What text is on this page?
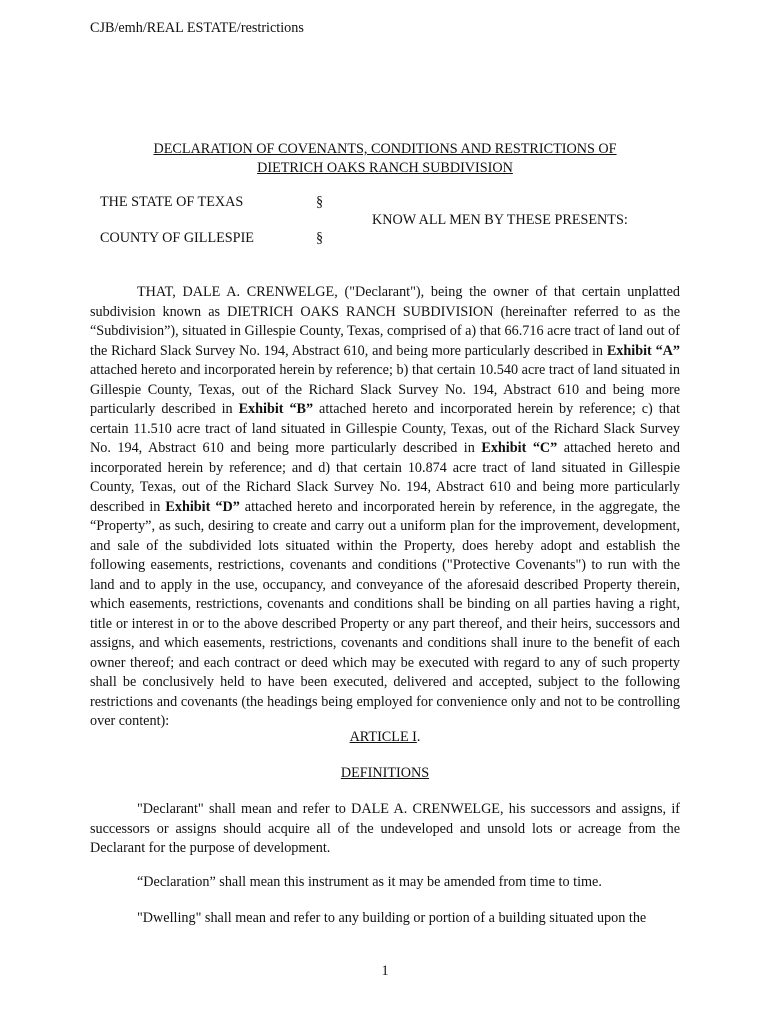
CJB/emh/REAL ESTATE/restrictions
DECLARATION OF COVENANTS, CONDITIONS AND RESTRICTIONS OF
DIETRICH OAKS RANCH SUBDIVISION
THE STATE OF TEXAS	§
KNOW ALL MEN BY THESE PRESENTS:
COUNTY OF GILLESPIE	§

THAT, DALE A. CRENWELGE, ("Declarant"), being the owner of that certain unplatted subdivision known as DIETRICH OAKS RANCH SUBDIVISION (hereinafter referred to as the “Subdivision”), situated in Gillespie County, Texas, comprised of a) that 66.716 acre tract of land out of the Richard Slack Survey No. 194, Abstract 610, and being more particularly described in Exhibit “A” attached hereto and incorporated herein by reference; b) that certain 10.540 acre tract of land situated in Gillespie County, Texas, out of the Richard Slack Survey No. 194, Abstract 610 and being more particularly described in Exhibit “B” attached hereto and incorporated herein by reference; c) that certain 11.510 acre tract of land situated in Gillespie County, Texas, out of the Richard Slack Survey No. 194, Abstract 610 and being more particularly described in Exhibit “C” attached hereto and incorporated herein by reference; and d) that certain 10.874 acre tract of land situated in Gillespie County, Texas, out of the Richard Slack Survey No. 194, Abstract 610 and being more particularly described in Exhibit “D” attached hereto and incorporated herein by reference, in the aggregate, the “Property”, as such, desiring to create and carry out a uniform plan for the improvement, development, and sale of the subdivided lots situated within the Property, does hereby adopt and establish the following easements, restrictions, covenants and conditions ("Protective Covenants") to run with the land and to apply in the use, occupancy, and conveyance of the aforesaid described Property therein, which easements, restrictions, covenants and conditions shall be binding on all parties having a right, title or interest in or to the above described Property or any part thereof, and their heirs, successors and assigns, and which easements, restrictions, covenants and conditions shall inure to the benefit of each owner thereof; and each contract or deed which may be executed with regard to any of such property shall be conclusively held to have been executed, delivered and accepted, subject to the following restrictions and covenants (the headings being employed for convenience only and not to be controlling over content):

ARTICLE I.
DEFINITIONS

"Declarant" shall mean and refer to DALE A. CRENWELGE, his successors and assigns, if successors or assigns should acquire all of the undeveloped and unsold lots or acreage from the Declarant for the purpose of development.

“Declaration” shall mean this instrument as it may be amended from time to time.

"Dwelling" shall mean and refer to any building or portion of a building situated upon the

1
